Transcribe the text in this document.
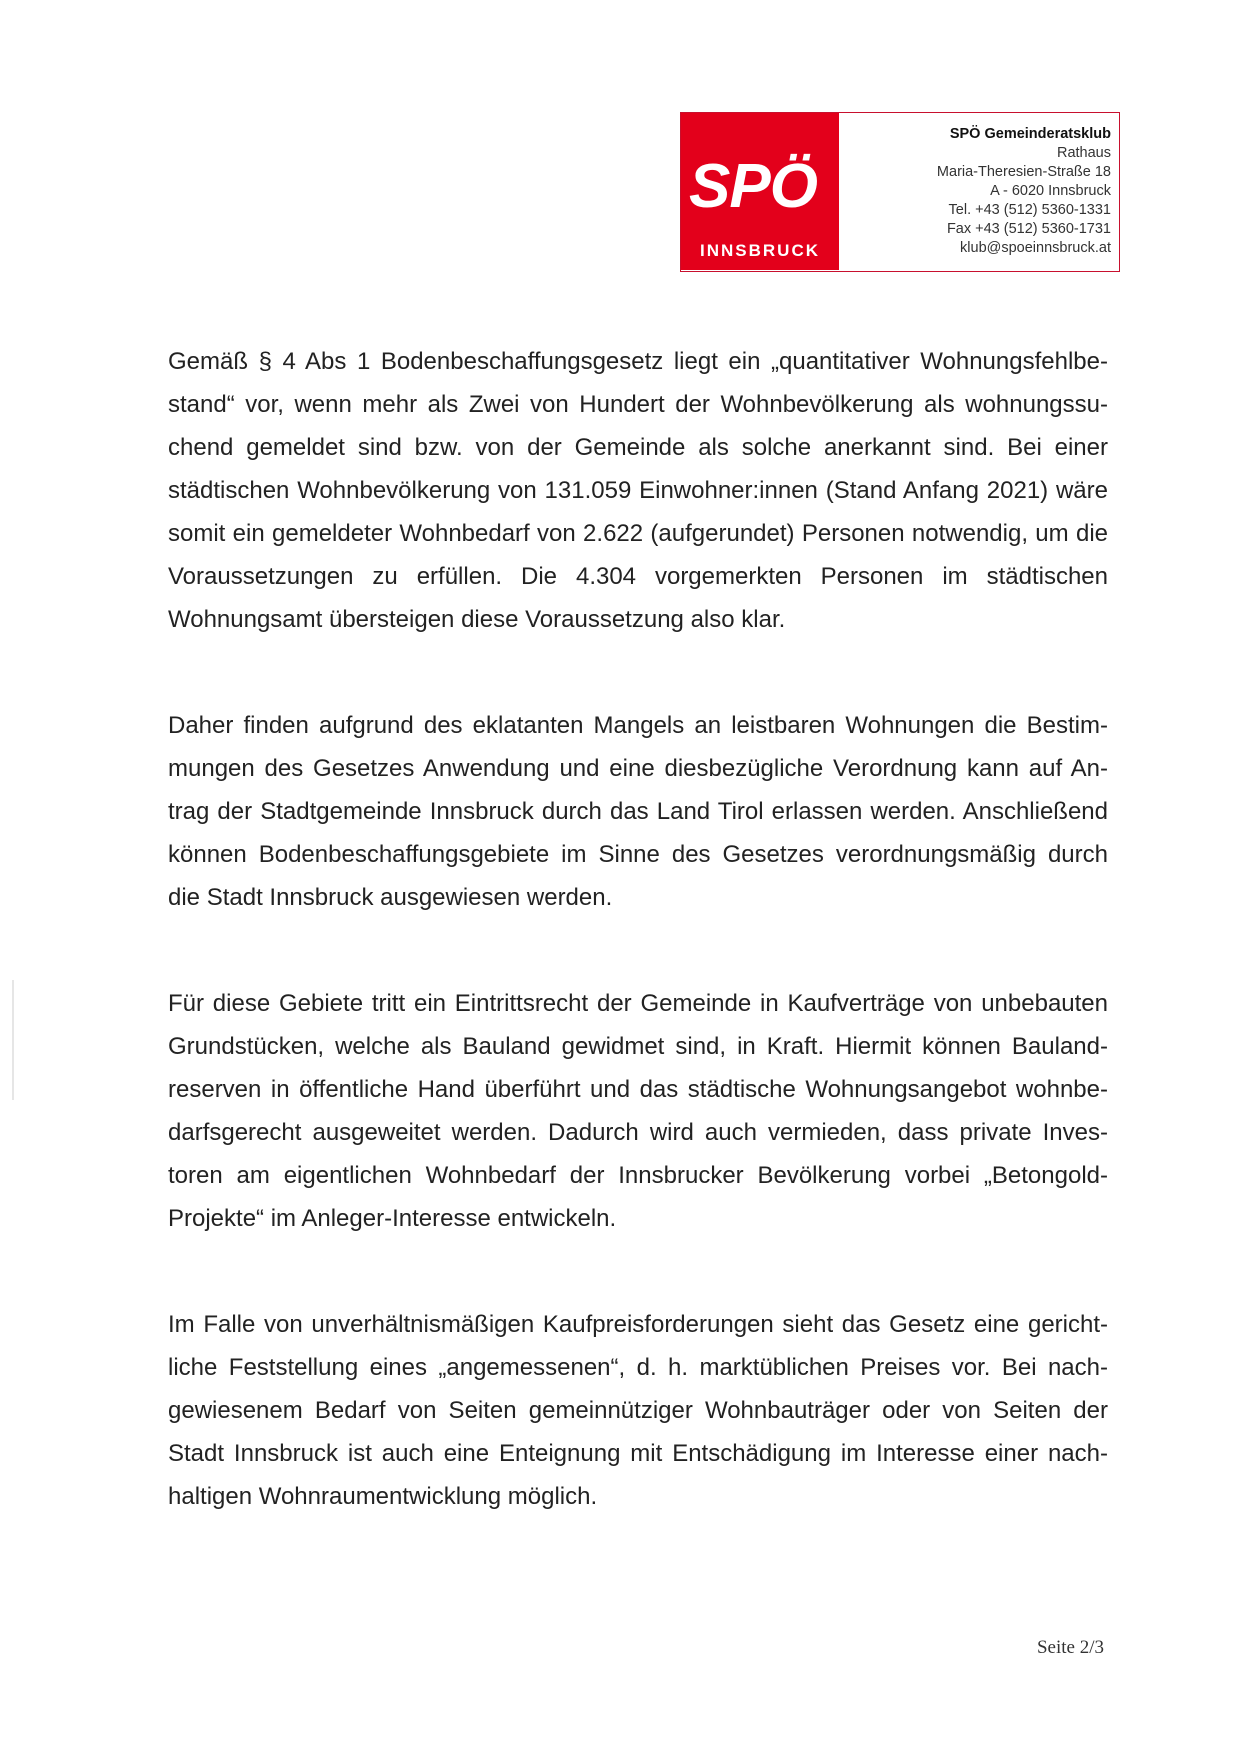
SPÖ
INNSBRUCK
SPÖ Gemeinderatsklub
Rathaus
Maria-Theresien-Straße 18
A - 6020 Innsbruck
Tel. +43 (512) 5360-1331
Fax +43 (512) 5360-1731
klub@spoeinnsbruck.at

Gemäß § 4 Abs 1 Bodenbeschaffungsgesetz liegt ein „quantitativer Wohnungsfehlbestand“ vor, wenn mehr als Zwei von Hundert der Wohnbevölkerung als wohnungssuchend gemeldet sind bzw. von der Gemeinde als solche anerkannt sind. Bei einer städtischen Wohnbevölkerung von 131.059 Einwohner:innen (Stand Anfang 2021) wäre somit ein gemeldeter Wohnbedarf von 2.622 (aufgerundet) Personen notwendig, um die Voraussetzungen zu erfüllen. Die 4.304 vorgemerkten Personen im städtischen Wohnungsamt übersteigen diese Voraussetzung also klar.

Daher finden aufgrund des eklatanten Mangels an leistbaren Wohnungen die Bestimmungen des Gesetzes Anwendung und eine diesbezügliche Verordnung kann auf Antrag der Stadtgemeinde Innsbruck durch das Land Tirol erlassen werden. Anschließend können Bodenbeschaffungsgebiete im Sinne des Gesetzes verordnungsmäßig durch die Stadt Innsbruck ausgewiesen werden.

Für diese Gebiete tritt ein Eintrittsrecht der Gemeinde in Kaufverträge von unbebauten Grundstücken, welche als Bauland gewidmet sind, in Kraft. Hiermit können Baulandreserven in öffentliche Hand überführt und das städtische Wohnungsangebot wohnbedarfsgerecht ausgeweitet werden. Dadurch wird auch vermieden, dass private Investoren am eigentlichen Wohnbedarf der Innsbrucker Bevölkerung vorbei „Betongold-Projekte“ im Anleger-Interesse entwickeln.

Im Falle von unverhältnismäßigen Kaufpreisforderungen sieht das Gesetz eine gerichtliche Feststellung eines „angemessenen“, d. h. marktüblichen Preises vor. Bei nachgewiesenem Bedarf von Seiten gemeinnütziger Wohnbauträger oder von Seiten der Stadt Innsbruck ist auch eine Enteignung mit Entschädigung im Interesse einer nachhaltigen Wohnraumentwicklung möglich.

Seite 2/3
